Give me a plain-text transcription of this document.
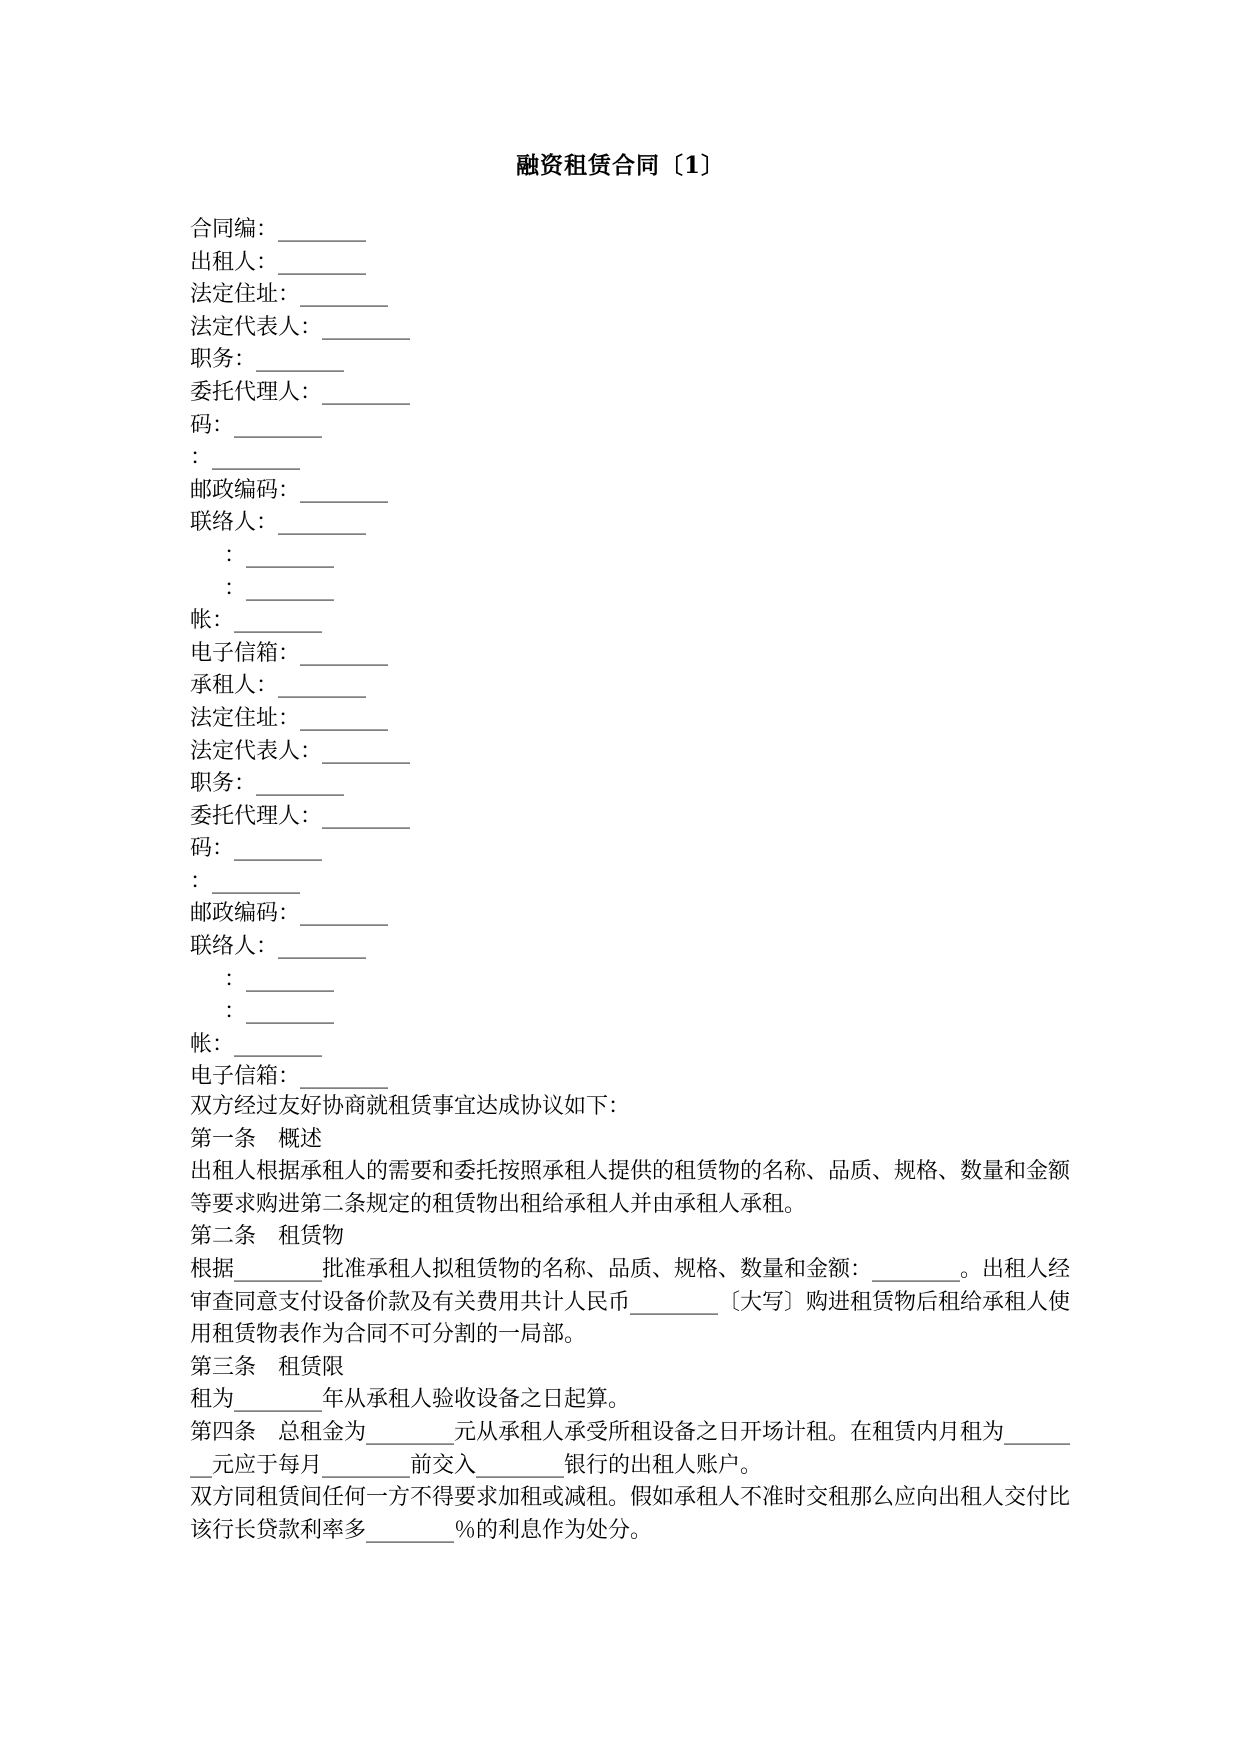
融资租赁合同〔1〕
合同编：________
出租人：________
法定住址：________
法定代表人：________
职务：________
委托代理人：________
码：________
：________
邮政编码：________
联络人：________
：________
：________
帐：________
电子信箱：________
承租人：________
法定住址：________
法定代表人：________
职务：________
委托代理人：________
码：________
：________
邮政编码：________
联络人：________
：________
：________
帐：________
电子信箱：________
双方经过友好协商就租赁事宜达成协议如下：
第一条　概述
出租人根据承租人的需要和委托按照承租人提供的租赁物的名称、品质、规格、数量和金额等要求购进第二条规定的租赁物出租给承租人并由承租人承租。
第二条　租赁物
根据________批准承租人拟租赁物的名称、品质、规格、数量和金额：________。出租人经审查同意支付设备价款及有关费用共计人民币________〔大写〕购进租赁物后租给承租人使用租赁物表作为合同不可分割的一局部。
第三条　租赁限
租为________年从承租人验收设备之日起算。
第四条　总租金为________元从承租人承受所租设备之日开场计租。在租赁内月租为________元应于每月________前交入________银行的出租人账户。
双方同租赁间任何一方不得要求加租或减租。假如承租人不准时交租那么应向出租人交付比该行长贷款利率多________％的利息作为处分。
